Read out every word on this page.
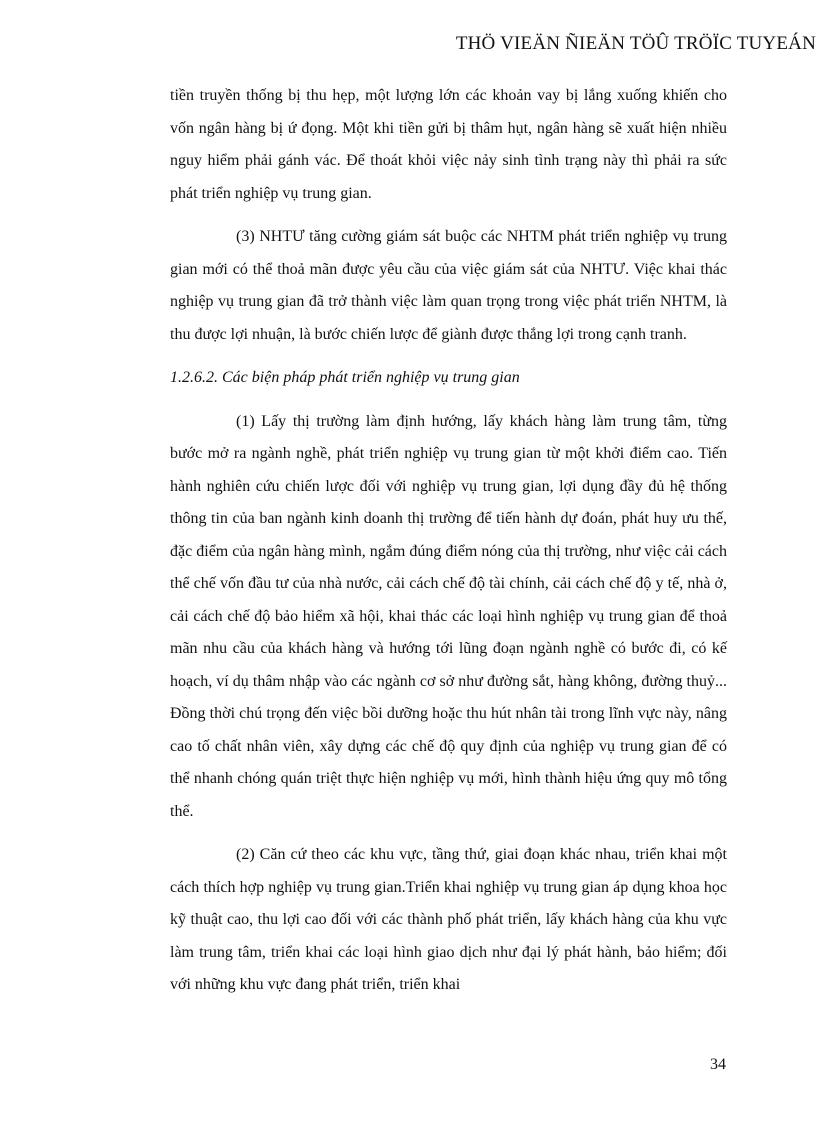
THÖ VIEÄN ÑIEÄN TÖÛ TRÖÏC TUYEÁN

tiền truyền thống bị thu hẹp, một lượng lớn các khoản vay bị lắng xuống khiến cho vốn ngân hàng bị ứ đọng. Một khi tiền gửi bị thâm hụt, ngân hàng sẽ xuất hiện nhiều nguy hiểm phải gánh vác. Để thoát khỏi việc nảy sinh tình trạng này thì phải ra sức phát triển nghiệp vụ trung gian.

(3) NHTƯ tăng cường giám sát buộc các NHTM phát triển nghiệp vụ trung gian mới có thể thoả mãn được yêu cầu của việc giám sát của NHTƯ. Việc khai thác nghiệp vụ trung gian đã trở thành việc làm quan trọng trong việc phát triển NHTM, là thu được lợi nhuận, là bước chiến lược để giành được thắng lợi trong cạnh tranh.

1.2.6.2. Các biện pháp phát triển nghiệp vụ trung gian

(1) Lấy thị trường làm định hướng, lấy khách hàng làm trung tâm, từng bước mở ra ngành nghề, phát triển nghiệp vụ trung gian từ một khởi điểm cao. Tiến hành nghiên cứu chiến lược đối với nghiệp vụ trung gian, lợi dụng đầy đủ hệ thống thông tin của ban ngành kinh doanh thị trường để tiến hành dự đoán, phát huy ưu thế, đặc điểm của ngân hàng mình, ngắm đúng điểm nóng của thị trường, như việc cải cách thể chế vốn đầu tư của nhà nước, cải cách chế độ tài chính, cải cách chế độ y tế, nhà ở, cải cách chế độ bảo hiểm xã hội, khai thác các loại hình nghiệp vụ trung gian để thoả mãn nhu cầu của khách hàng và hướng tới lũng đoạn ngành nghề có bước đi, có kế hoạch, ví dụ thâm nhập vào các ngành cơ sở như đường sắt, hàng không, đường thuỷ... Đồng thời chú trọng đến việc bồi dưỡng hoặc thu hút nhân tài trong lĩnh vực này, nâng cao tố chất nhân viên, xây dựng các chế độ quy định của nghiệp vụ trung gian để có thể nhanh chóng quán triệt thực hiện nghiệp vụ mới, hình thành hiệu ứng quy mô tổng thể.

(2) Căn cứ theo các khu vực, tầng thứ, giai đoạn khác nhau, triển khai một cách thích hợp nghiệp vụ trung gian.Triển khai nghiệp vụ trung gian áp dụng khoa học kỹ thuật cao, thu lợi cao đối với các thành phố phát triển, lấy khách hàng của khu vực làm trung tâm, triển khai các loại hình giao dịch như đại lý phát hành, bảo hiểm; đối với những khu vực đang phát triển, triển khai

34
